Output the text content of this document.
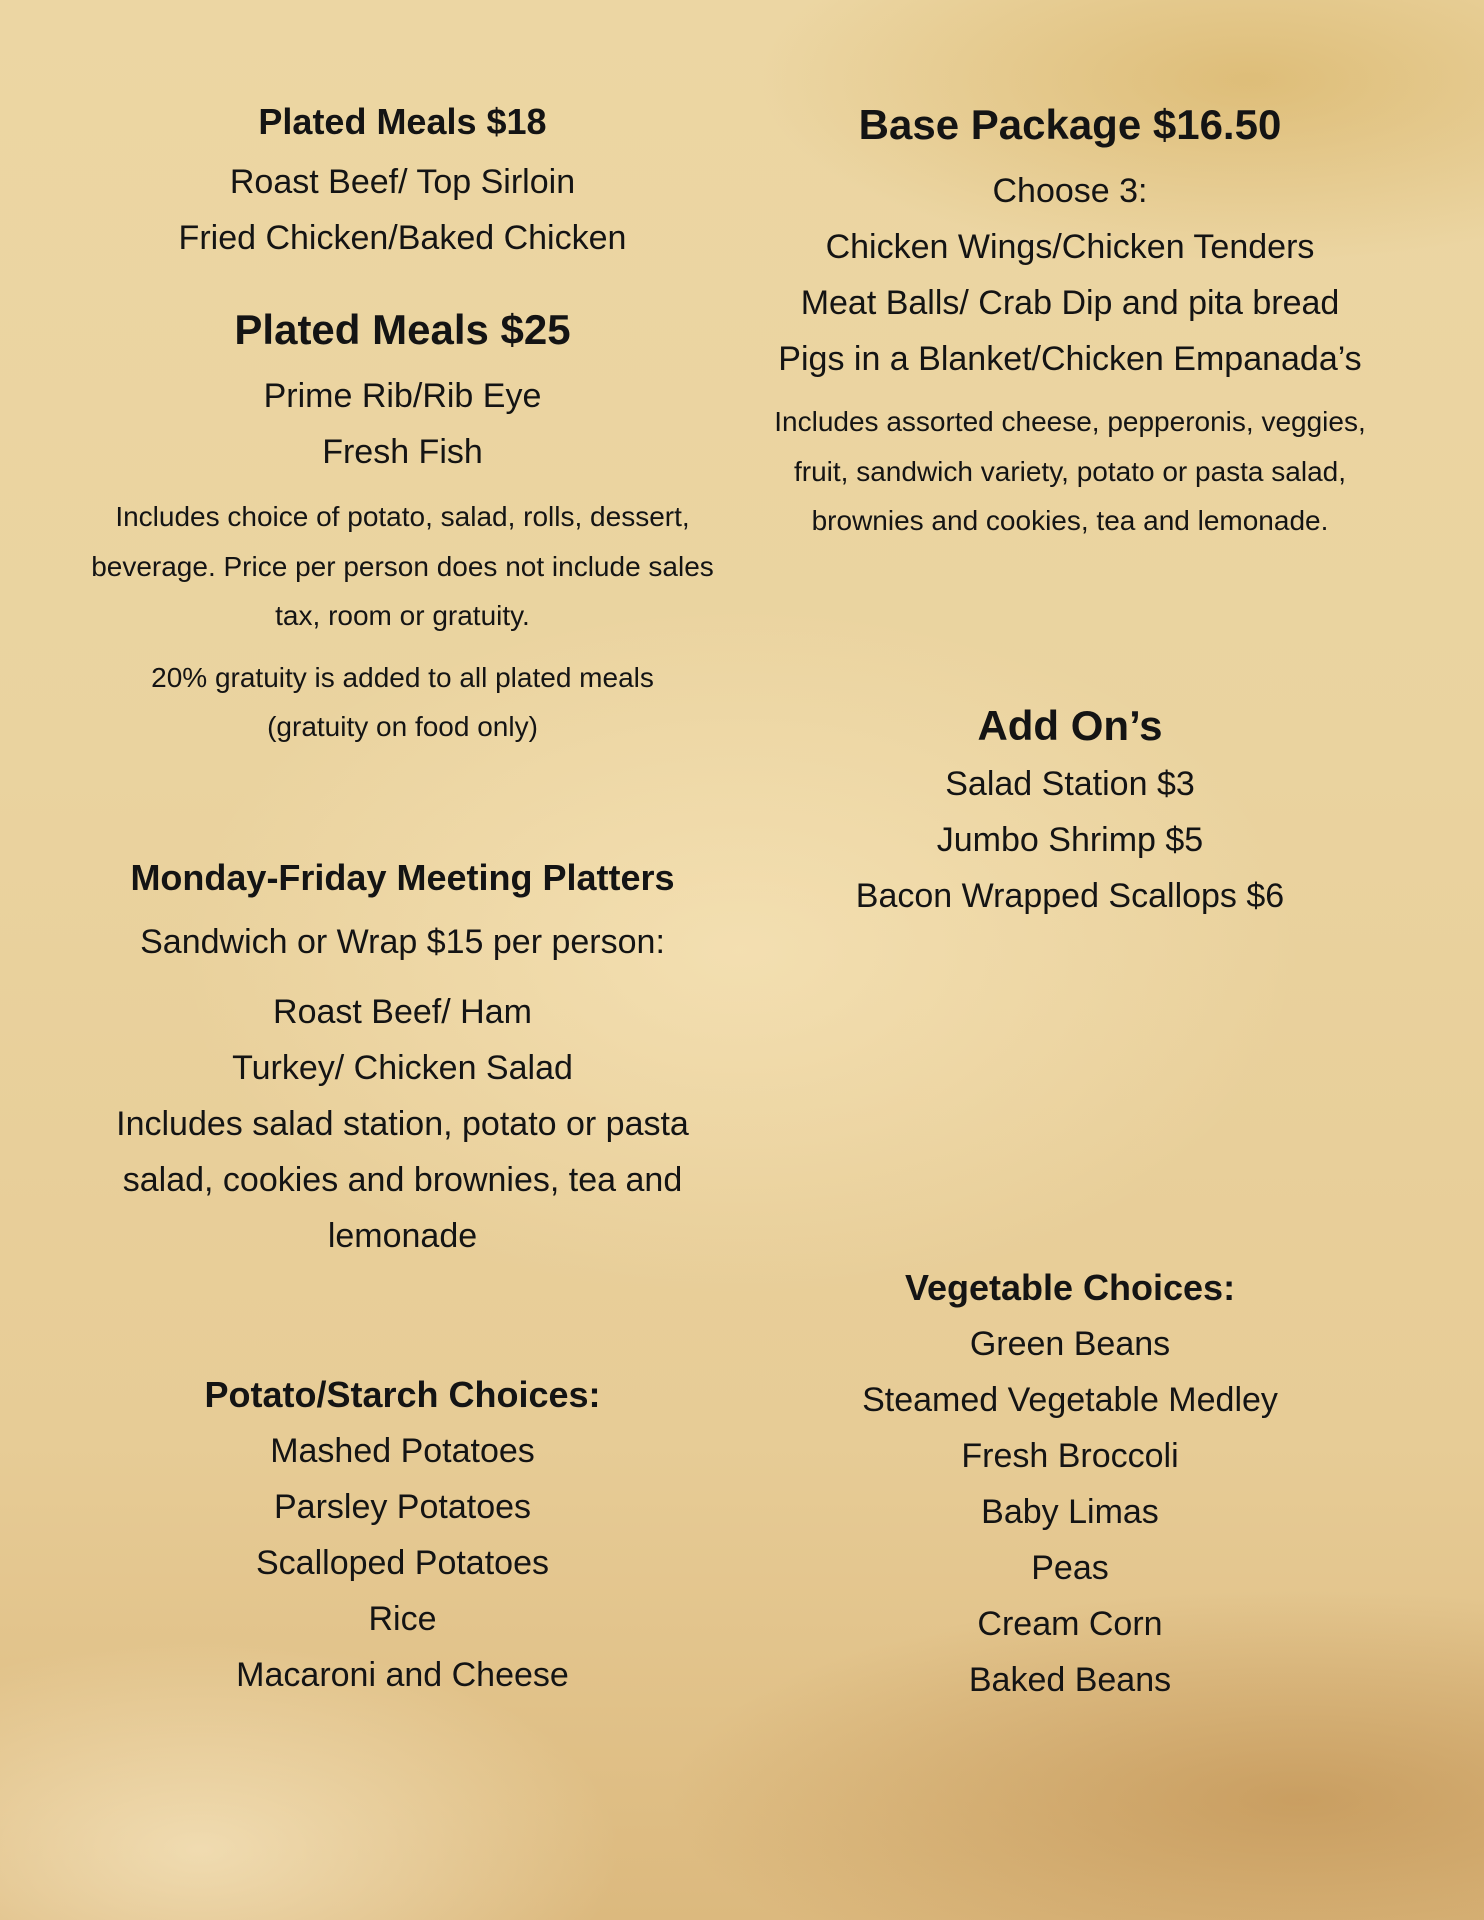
Plated Meals $18
Roast Beef/ Top Sirloin
Fried Chicken/Baked Chicken
Plated Meals $25
Prime Rib/Rib Eye
Fresh Fish
Includes choice of potato, salad, rolls, dessert, beverage. Price per person does not include sales tax, room or gratuity.
20% gratuity is added to all plated meals (gratuity on food only)
Monday-Friday Meeting Platters
Sandwich or Wrap $15 per person:
Roast Beef/ Ham
Turkey/ Chicken Salad
Includes salad station, potato or pasta salad, cookies and brownies, tea and lemonade
Potato/Starch Choices:
Mashed Potatoes
Parsley Potatoes
Scalloped Potatoes
Rice
Macaroni and Cheese
Base Package $16.50
Choose 3:
Chicken Wings/Chicken Tenders
Meat Balls/ Crab Dip and pita bread
Pigs in a Blanket/Chicken Empanada’s
Includes assorted cheese, pepperonis, veggies, fruit, sandwich variety, potato or pasta salad, brownies and cookies, tea and lemonade.
Add On’s
Salad Station $3
Jumbo Shrimp $5
Bacon Wrapped Scallops $6
Vegetable Choices:
Green Beans
Steamed Vegetable Medley
Fresh Broccoli
Baby Limas
Peas
Cream Corn
Baked Beans
